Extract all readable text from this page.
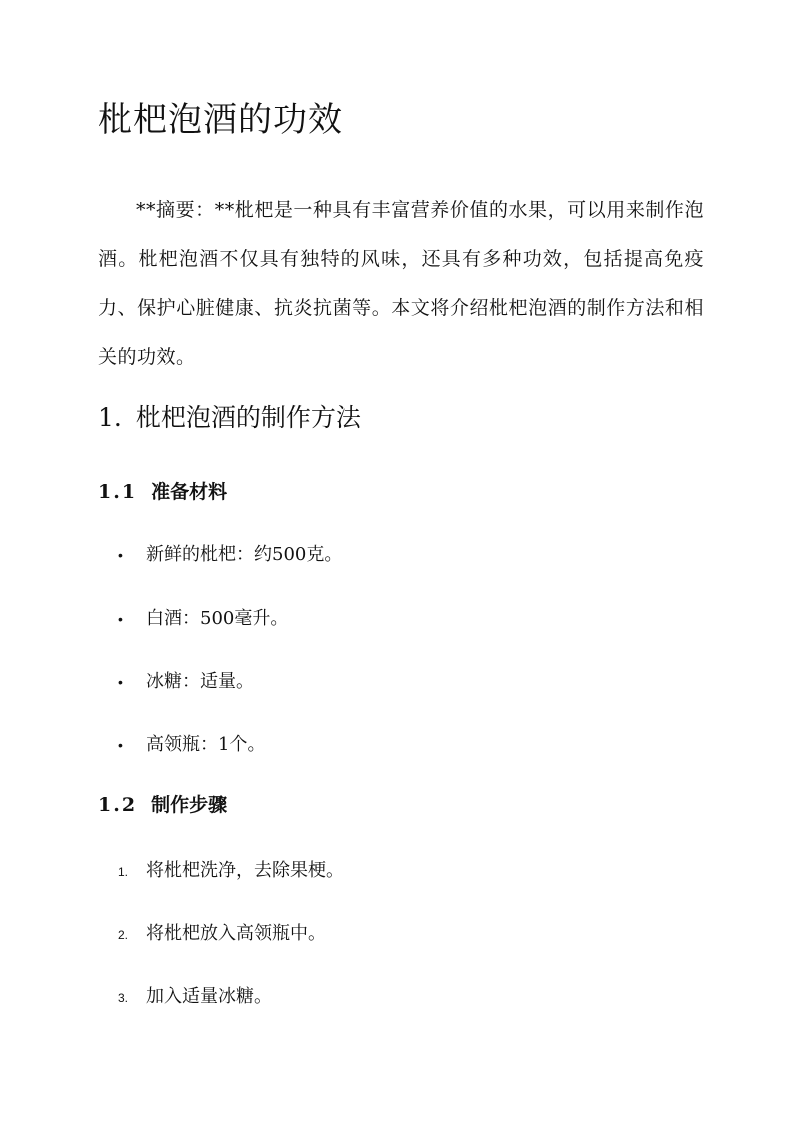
枇杷泡酒的功效

**摘要：**枇杷是一种具有丰富营养价值的水果，可以用来制作泡酒。枇杷泡酒不仅具有独特的风味，还具有多种功效，包括提高免疫力、保护心脏健康、抗炎抗菌等。本文将介绍枇杷泡酒的制作方法和相关的功效。

1. 枇杷泡酒的制作方法
1.1 准备材料
• 新鲜的枇杷：约500克。
• 白酒：500毫升。
• 冰糖：适量。
• 高领瓶：1个。
1.2 制作步骤
1. 将枇杷洗净，去除果梗。
2. 将枇杷放入高领瓶中。
3. 加入适量冰糖。
